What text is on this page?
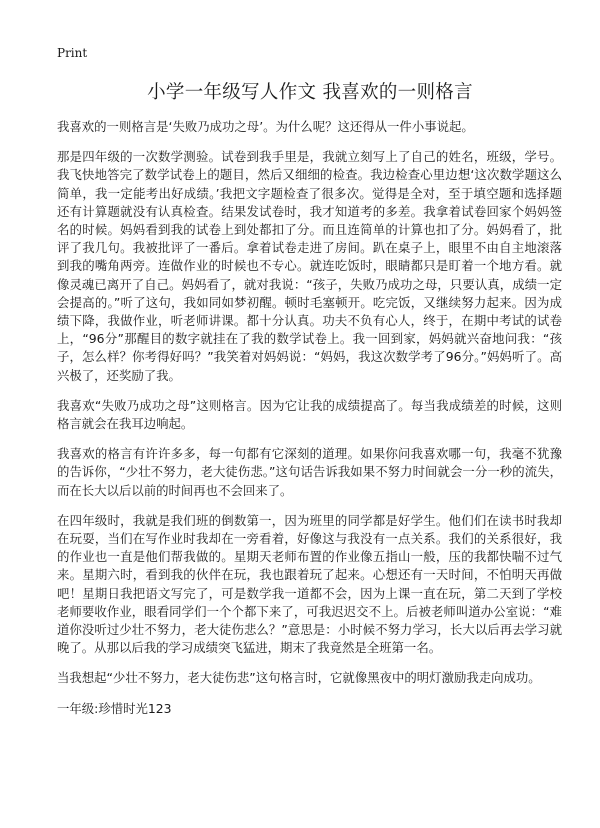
Print
小学一年级写人作文 我喜欢的一则格言

我喜欢的一则格言是‘失败乃成功之母’。为什么呢？这还得从一件小事说起。

那是四年级的一次数学测验。试卷到我手里是，我就立刻写上了自己的姓名，班级，学号。我飞快地答完了数学试卷上的题目，然后又细细的检查。我边检查心里边想‘这次数学题这么简单，我一定能考出好成绩。’我把文字题检查了很多次。觉得是全对，至于填空题和选择题还有计算题就没有认真检查。结果发试卷时，我才知道考的多差。我拿着试卷回家个妈妈签名的时候。妈妈看到我的试卷上到处都扣了分。而且连简单的计算也扣了分。妈妈看了，批评了我几句。我被批评了一番后。拿着试卷走进了房间。趴在桌子上，眼里不由自主地滚落到我的嘴角两旁。连做作业的时候也不专心。就连吃饭时，眼睛都只是盯着一个地方看。就像灵魂已离开了自己。妈妈看了，就对我说：“孩子，失败乃成功之母，只要认真，成绩一定会提高的。”听了这句，我如同如梦初醒。顿时毛塞顿开。吃完饭，又继续努力起来。因为成绩下降，我做作业，听老师讲课。都十分认真。功夫不负有心人，终于，在期中考试的试卷上，“96分”那醒目的数字就挂在了我的数学试卷上。我一回到家，妈妈就兴奋地问我：“孩子，怎么样？你考得好吗？”我笑着对妈妈说：“妈妈，我这次数学考了96分。”妈妈听了。高兴极了，还奖励了我。

我喜欢“失败乃成功之母”这则格言。因为它让我的成绩提高了。每当我成绩差的时候，这则格言就会在我耳边响起。

我喜欢的格言有许许多多，每一句都有它深刻的道理。如果你问我喜欢哪一句，我毫不犹豫的告诉你，“少壮不努力，老大徒伤悲。”这句话告诉我如果不努力时间就会一分一秒的流失，而在长大以后以前的时间再也不会回来了。

在四年级时，我就是我们班的倒数第一，因为班里的同学都是好学生。他们们在读书时我却在玩耍，当们在写作业时我却在一旁看着，好像这与我没有一点关系。我们的关系很好，我的作业也一直是他们帮我做的。星期天老师布置的作业像五指山一般，压的我都快喘不过气来。星期六时，看到我的伙伴在玩，我也跟着玩了起来。心想还有一天时间，不怕明天再做吧！星期日我把语文写完了，可是数学我一道都不会，因为上课一直在玩，第二天到了学校老师要收作业，眼看同学们一个个都下来了，可我迟迟交不上。后被老师叫道办公室说：“难道你没听过少壮不努力，老大徒伤悲么？”意思是：小时候不努力学习，长大以后再去学习就晚了。从那以后我的学习成绩突飞猛进，期末了我竟然是全班第一名。

当我想起“少壮不努力，老大徒伤悲”这句格言时，它就像黑夜中的明灯激励我走向成功。

一年级:珍惜时光123
